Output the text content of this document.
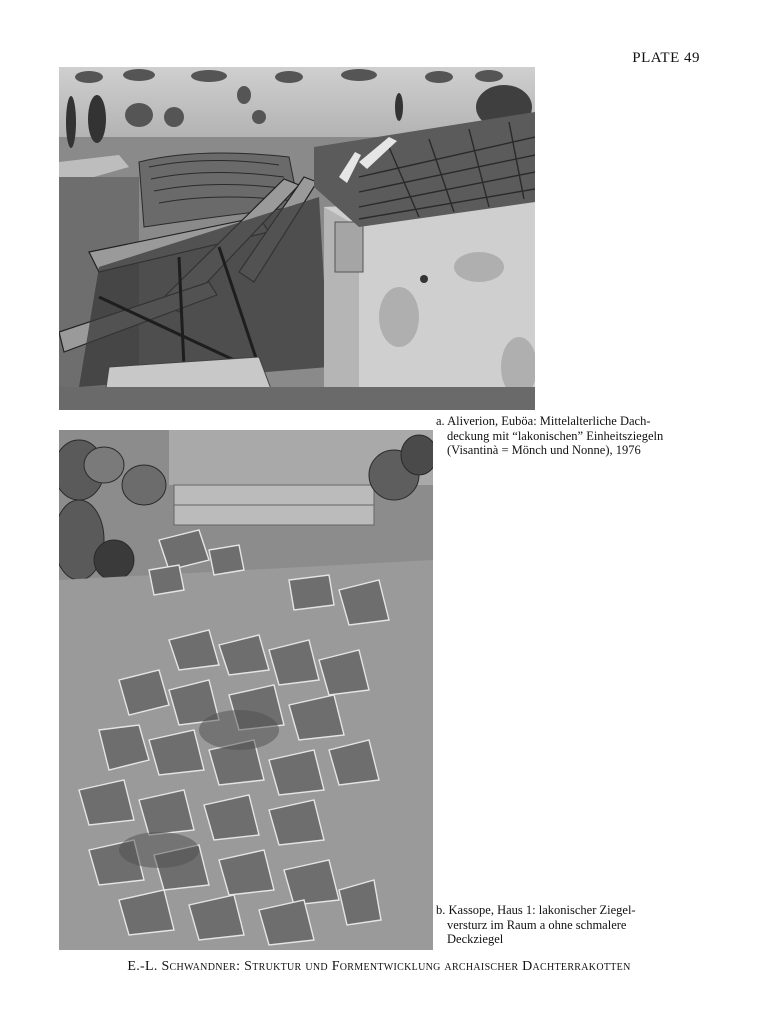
PLATE 49
a. Aliverion, Euböa: Mittelalterliche Dach-
deckung mit “lakonischen” Einheitsziegeln
(Visantinà = Mönch und Nonne), 1976
b. Kassope, Haus 1: lakonischer Ziegel-
versturz im Raum a ohne schmalere
Deckziegel
E.-L. Schwandner: Struktur und Formentwicklung archaischer Dachterrakotten
